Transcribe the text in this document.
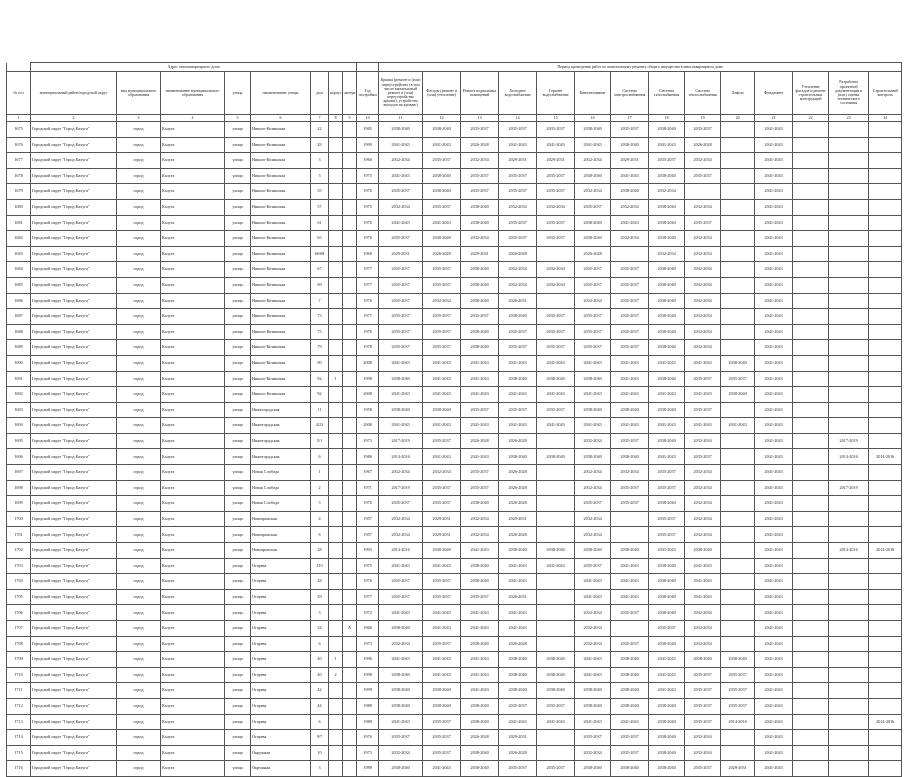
	Адрес многоквартирного дома									Период проведения работ по капитальному ремонту общего имущества в многоквартирном доме													
№ п/п	муниципальный район/городской округ	вид муниципального образования	наименование муниципального образования	улица	наименование улицы	дом	корпус	литера	Год постройки	Крыша (ремонт и (или) переустройство (в том числе капитальный ремонт и (или) переустройство крыши), устройство выходов на кровлю)	Фасады (ремонт и (или) утепление)	Ремонт подвальных помещений	Холодное водоснабжение	Горячее водоснабжение	Канализование	Система электроснабжения	Система газоснабжения	Система теплоснабжения	Лифты	Фундамент	Утепление фасадов и ремонт строительных конструкций	Разработка проектной документации и (или) оценка технического состояния	Строительный контроль
1	2	3	4	5	6	7	8	9	10	11	12	13	14	15	16	17	18	19	20	21	22	23	24
1675	Городской округ "Город Калуга"	город	Калуга	улица	Николо-Козинская	22			1985	2038-2040	2038-2040	2035-2037	2035-2037	2035-2037	2038-2040	2035-2037	2038-2040	2035-2037		2041-2043			
1676	Городской округ "Город Калуга"	город	Калуга	улица	Николо-Козинская	29			1990	2041-2043	2041-2043	2026-2028	2041-2043	2041-2043	2041-2043	2038-2040	2041-2043	2026-2028		2041-2043			
1677	Городской округ "Город Калуга"	город	Калуга	улица	Николо-Козинская	3			1960	2032-2034	2035-2037	2032-2034	2029-2031	2029-2031	2032-2034	2029-2031	2035-2037	2032-2034		2041-2043			
1678	Городской округ "Город Калуга"	город	Калуга	улица	Николо-Козинская	5			1975	2041-2043	2038-2040	2035-2037	2035-2037	2035-2037	2038-2040	2041-2043	2038-2040	2035-2037		2041-2043			
1679	Городской округ "Город Калуга"	город	Калуга	улица	Николо-Козинская	55			1976	2035-2037	2038-2040	2035-2037	2035-2037	2035-2037	2032-2034	2038-2040	2032-2034			2041-2043			
1680	Городской округ "Город Калуга"	город	Калуга	улица	Николо-Козинская	57			1975	2032-2034	2035-2037	2038-2040	2032-2034	2032-2034	2035-2037	2032-2034	2038-2040	2032-2034		2041-2043			
1681	Городской округ "Город Калуга"	город	Калуга	улица	Николо-Козинская	61			1976	2041-2043	2041-2043	2038-2040	2035-2037	2035-2037	2038-2040	2041-2043	2038-2040	2035-2037		2041-2043			
1682	Городской округ "Город Калуга"	город	Калуга	улица	Николо-Козинская	65			1976	2035-2037	2038-2040	2032-2034	2035-2037	2035-2037	2038-2040	2032-2034	2038-2040	2032-2034		2041-2043			
1683	Городской округ "Город Калуга"	город	Калуга	улица	Николо-Козинская	66/68			1968	2029-2031	2026-2028	2029-2031	2026-2028		2026-2028		2032-2034	2032-2034		2041-2043			
1684	Городской округ "Город Калуга"	город	Калуга	улица	Николо-Козинская	67			1977	2035-2037	2035-2037	2038-2040	2032-2034	2032-2034	2035-2037	2035-2037	2038-2040	2032-2034		2041-2043			
1685	Городской округ "Город Калуга"	город	Калуга	улица	Николо-Козинская	69			1977	2035-2037	2035-2037	2038-2040	2032-2034	2032-2034	2035-2037	2035-2037	2038-2040	2032-2034		2041-2043			
1686	Городской округ "Город Калуга"	город	Калуга	улица	Николо-Козинская	7			1976	2035-2037	2032-2034	2038-2040	2026-2031		2032-2034	2035-2037	2038-2040	2032-2034		2041-2043			
1687	Городской округ "Город Калуга"	город	Калуга	улица	Николо-Козинская	73			1977	2035-2037	2035-2037	2035-2037	2038-2040	2035-2037	2035-2037	2035-2037	2038-2040	2032-2034		2041-2043			
1688	Городской округ "Город Калуга"	город	Калуга	улица	Николо-Козинская	75			1976	2035-2037	2035-2037	2038-2040	2035-2037	2035-2037	2035-2037	2035-2037	2038-2040	2032-2034		2041-2043			
1689	Городской округ "Город Калуга"	город	Калуга	улица	Николо-Козинская	79			1978	2035-2037	2035-2037	2038-2040	2035-2037	2035-2037	2035-2037	2035-2037	2038-2040	2032-2034		2041-2043			
1690	Городской округ "Город Калуга"	город	Калуга	улица	Николо-Козинская	90			2008	2041-2043	2041-2043	2041-2043	2041-2043	2041-2043	2041-2043	2041-2043	2041-2043	2041-2043	2038-2040	2041-2043			
1691	Городской округ "Город Калуга"	город	Калуга	улица	Николо-Козинская	92	1		1998	2038-2040	2041-2043	2041-2043	2038-2040	2038-2040	2038-2040	2041-2043	2038-2040	2035-2037	2035-2037	2041-2043			
1692	Городской округ "Город Калуга"	город	Калуга	улица	Николо-Козинская	92			2008	2041-2043	2041-2043	2041-2043	2041-2043	2041-2043	2041-2043	2041-2043	2041-2043	2041-2043	2038-2040	2041-2043			
1693	Городской округ "Город Калуга"	город	Калуга	улица	Нижегородская	11			1958	2038-2040	2038-2040	2035-2037	2035-2037	2035-2037	2038-2040	2038-2040	2038-2040	2035-2037		2041-2043			
1694	Городской округ "Город Калуга"	город	Калуга	улица	Нижегородская	4/22			2008	2041-2043	2041-2043	2041-2043	2041-2043	2041-2043	2041-2043	2041-2043	2041-2043	2041-2043	2041-2043	2041-2043			
1695	Городской округ "Город Калуга"	город	Калуга	улица	Нижегородская	5/1			1973	2017-2019	2035-2037	2026-2028	2026-2028		2032-2034	2035-2037	2038-2040	2032-2034		2041-2043		2017-2019	
1696	Городской округ "Город Калуга"	город	Калуга	улица	Нижегородская	6			1986	2014-2016	2041-2043	2041-2043	2038-2040	2038-2040	2038-2040	2038-2040	2041-2043	2035-2037		2041-2043		2014-2016	2014-2016
1697	Городской округ "Город Калуга"	город	Калуга	улица	Новая Слобода	1			1967	2032-2034	2032-2034	2035-2037	2026-2028		2032-2034	2032-2034	2035-2037	2032-2034		2041-2043			
1698	Городской округ "Город Калуга"	город	Калуга	улица	Новая Слобода	2			1971	2017-2019	2035-2037	2035-2037	2026-2028		2032-2034	2035-2037	2035-2037	2032-2034		2041-2043		2017-2019	
1699	Городской округ "Город Калуга"	город	Калуга	улица	Новая Слобода	3			1976	2035-2037	2035-2037	2038-2040	2026-2028		2035-2037	2035-2037	2038-2040	2032-2034		2041-2043			
1700	Городской округ "Город Калуга"	город	Калуга	улица	Новоаровская	4			1957	2032-2034	2029-2031	2032-2034	2029-2031		2032-2034		2035-2037	2032-2034		2041-2043			
1701	Городской округ "Город Калуга"	город	Калуга	улица	Новоаровская	6			1957	2032-2034	2029-2031	2032-2034	2026-2028		2032-2034		2035-2037	2032-2034		2041-2043			
1702	Городской округ "Город Калуга"	город	Калуга	улица	Новоаровская	28			1993	2014-2016	2038-2040	2041-2043	2038-2040	2038-2040	2038-2040	2038-2040	2041-2043	2038-2040		2041-2043		2014-2016	2014-2016
1703	Городской округ "Город Калуга"	город	Калуга	улица	Огарева	110			1975	2041-2043	2041-2043	2038-2040	2041-2043	2041-2043	2035-2037	2041-2043	2038-2040	2041-2043		2041-2043			
1704	Городской округ "Город Калуга"	город	Калуга	улица	Огарева	28			1976	2035-2037	2035-2037	2038-2040	2041-2043		2041-2043	2041-2043	2038-2040	2041-2043		2041-2043			
1705	Городской округ "Город Калуга"	город	Калуга	улица	Огарева	29			1977	2035-2037	2035-2037	2035-2037	2026-2031		2041-2043	2041-2043	2038-2040	2041-2043		2041-2043			
1706	Городской округ "Город Калуга"	город	Калуга	улица	Огарева	3			1972	2041-2043	2041-2043	2041-2043	2041-2043		2032-2034	2035-2037	2038-2040	2032-2034		2041-2043			
1707	Городской округ "Город Калуга"	город	Калуга	улица	Огарева	34		А	1966	2038-2040	2041-2043	2041-2043	2041-2043		2032-2034		2035-2037	2032-2034		2041-2043			
1708	Городской округ "Город Калуга"	город	Калуга	улица	Огарева	6			1973	2032-2034	2035-2037	2038-2040	2026-2028		2032-2034	2035-2037	2038-2040	2032-2034		2041-2043			
1709	Городской округ "Город Калуга"	город	Калуга	улица	Огарева	40	1		1996	2041-2043	2041-2043	2041-2043	2038-2040	2038-2040	2041-2043	2038-2040	2041-2043	2038-2040	2038-2040	2041-2043			
1710	Городской округ "Город Калуга"	город	Калуга	улица	Огарева	40	2		1998	2038-2040	2041-2043	2041-2043	2038-2040	2038-2040	2041-2043	2038-2040	2041-2043	2035-2037	2035-2037	2041-2043			
1711	Городской округ "Город Калуга"	город	Калуга	улица	Огарева	42			1999	2038-2040	2038-2040	2041-2043	2038-2040	2038-2040	2038-2040	2038-2040	2041-2043	2035-2037	2035-2037	2041-2043			
1712	Городской округ "Город Калуга"	город	Калуга	улица	Огарева	44			1988	2038-2040	2038-2040	2038-2040	2035-2037	2035-2037	2038-2040	2038-2040	2038-2040	2035-2037	2035-2037	2041-2043			
1713	Городской округ "Город Калуга"	город	Калуга	улица	Огарева	6			1980	2041-2043	2035-2037	2038-2040	2041-2043	2041-2043	2041-2043	2041-2043	2038-2040	2035-2037	2014-2016	2041-2043			2014-2016
1714	Городской округ "Город Калуга"	город	Калуга	улица	Огарева	9/7			1976	2035-2037	2035-2037	2026-2028	2029-2031		2035-2037	2035-2037	2038-2040	2032-2034		2041-2043			
1715	Городской округ "Город Калуга"	город	Калуга	улица	Окружная	10			1973	2032-2034	2035-2037	2038-2040	2026-2028		2032-2034	2035-2037	2038-2040	2032-2034		2041-2043			
1716	Городской округ "Город Калуга"	город	Калуга	улица	Окружная	3			1989	2038-2040	2041-2043	2038-2040	2035-2037	2035-2037	2038-2040	2038-2040	2038-2040	2035-2037	2029-2031	2041-2043			
